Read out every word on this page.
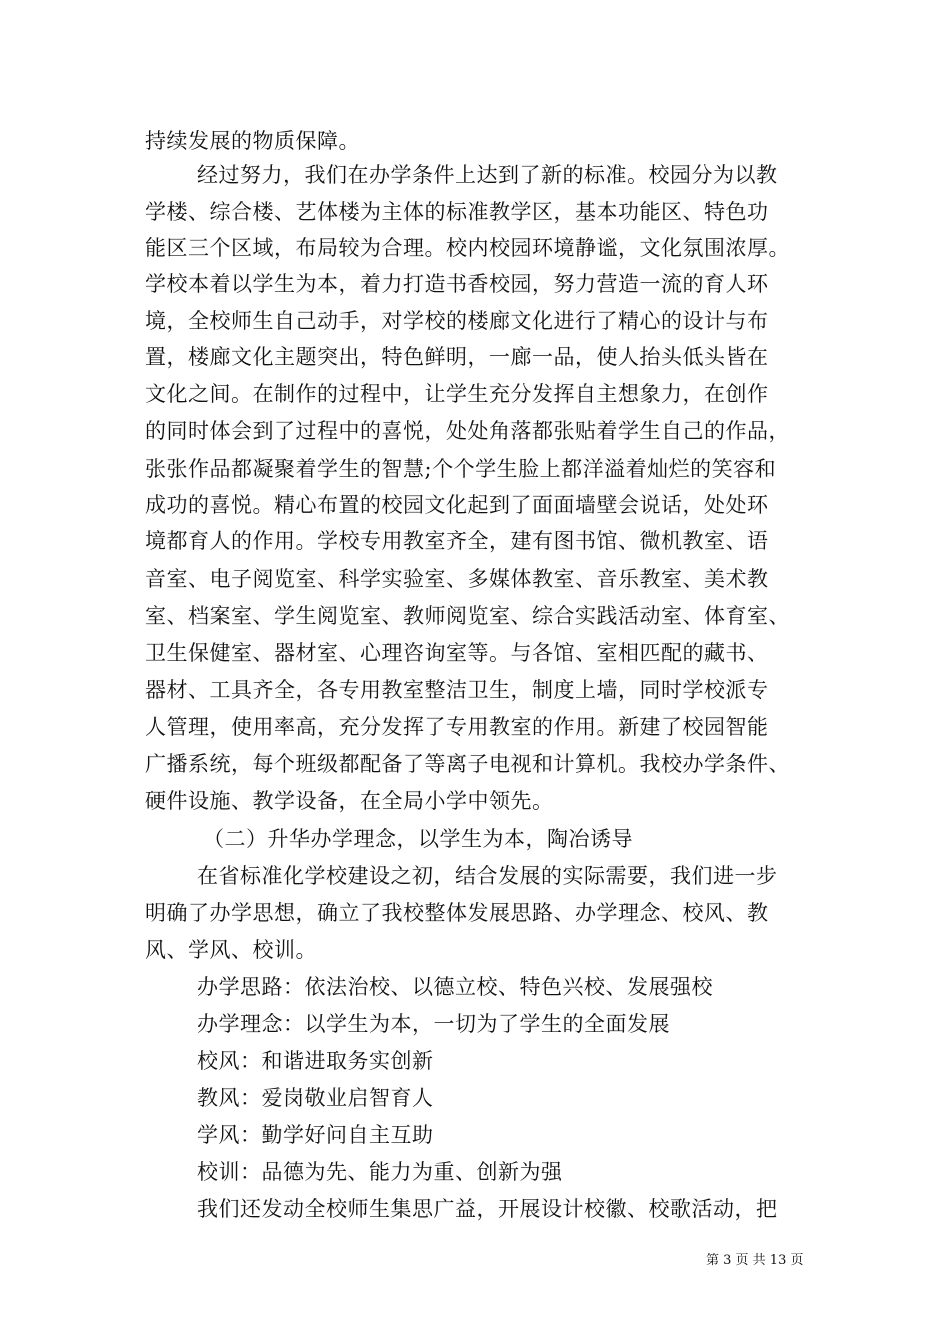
持续发展的物质保障。
经过努力，我们在办学条件上达到了新的标准。校园分为以教
学楼、综合楼、艺体楼为主体的标准教学区，基本功能区、特色功
能区三个区域，布局较为合理。校内校园环境静谧，文化氛围浓厚。
学校本着以学生为本，着力打造书香校园，努力营造一流的育人环
境，全校师生自己动手，对学校的楼廊文化进行了精心的设计与布
置，楼廊文化主题突出，特色鲜明，一廊一品，使人抬头低头皆在
文化之间。在制作的过程中，让学生充分发挥自主想象力，在创作
的同时体会到了过程中的喜悦，处处角落都张贴着学生自己的作品，
张张作品都凝聚着学生的智慧;个个学生脸上都洋溢着灿烂的笑容和
成功的喜悦。精心布置的校园文化起到了面面墙壁会说话，处处环
境都育人的作用。学校专用教室齐全，建有图书馆、微机教室、语
音室、电子阅览室、科学实验室、多媒体教室、音乐教室、美术教
室、档案室、学生阅览室、教师阅览室、综合实践活动室、体育室、
卫生保健室、器材室、心理咨询室等。与各馆、室相匹配的藏书、
器材、工具齐全，各专用教室整洁卫生，制度上墙，同时学校派专
人管理，使用率高，充分发挥了专用教室的作用。新建了校园智能
广播系统，每个班级都配备了等离子电视和计算机。我校办学条件、
硬件设施、教学设备，在全局小学中领先。
（二）升华办学理念，以学生为本，陶冶诱导
在省标准化学校建设之初，结合发展的实际需要，我们进一步
明确了办学思想，确立了我校整体发展思路、办学理念、校风、教
风、学风、校训。
办学思路：依法治校、以德立校、特色兴校、发展强校
办学理念：以学生为本，一切为了学生的全面发展
校风：和谐进取务实创新
教风：爱岗敬业启智育人
学风：勤学好问自主互助
校训：品德为先、能力为重、创新为强
我们还发动全校师生集思广益，开展设计校徽、校歌活动，把
第 3 页 共 13 页
